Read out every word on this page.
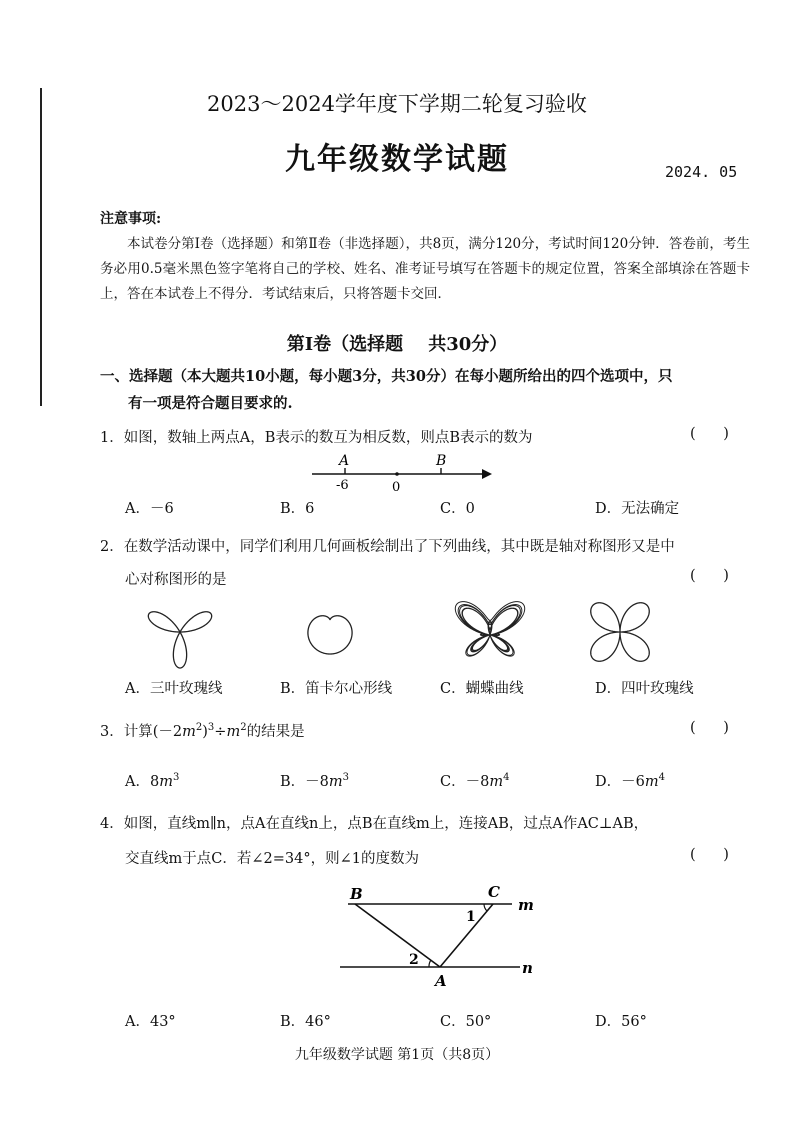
2023～2024学年度下学期二轮复习验收
九年级数学试题	2024. 05
注意事项:
本试卷分第Ⅰ卷（选择题）和第Ⅱ卷（非选择题），共8页，满分120分，考试时间120分钟．答卷前，考生务必用0.5毫米黑色签字笔将自己的学校、姓名、准考证号填写在答题卡的规定位置，答案全部填涂在答题卡上，答在本试卷上不得分．考试结束后，只将答题卡交回．
第Ⅰ卷（选择题    共30分）
一、选择题（本大题共10小题，每小题3分，共30分）在每小题所给出的四个选项中，只
有一项是符合题目要求的.
1．如图，数轴上两点A，B表示的数互为相反数，则点B表示的数为	(      )
A	B
-6	0
A．－6	B．6	C．0	D．无法确定
2．在数学活动课中，同学们利用几何画板绘制出了下列曲线，其中既是轴对称图形又是中
心对称图形的是	(      )
A．三叶玫瑰线	B．笛卡尔心形线	C．蝴蝶曲线	D．四叶玫瑰线
3．计算$(-2m^2)^3\div m^2$的结果是	(      )
A．$8m^3$	B．$-8m^3$	C．$-8m^4$	D．$-6m^4$
4．如图，直线m∥n，点A在直线n上，点B在直线m上，连接AB，过点A作AC⊥AB，
交直线m于点C．若∠2=34°，则∠1的度数为	(      )
B	C
A
m
n
1
2
A．43°	B．46°	C．50°	D．56°
九年级数学试题 第1页（共8页）
